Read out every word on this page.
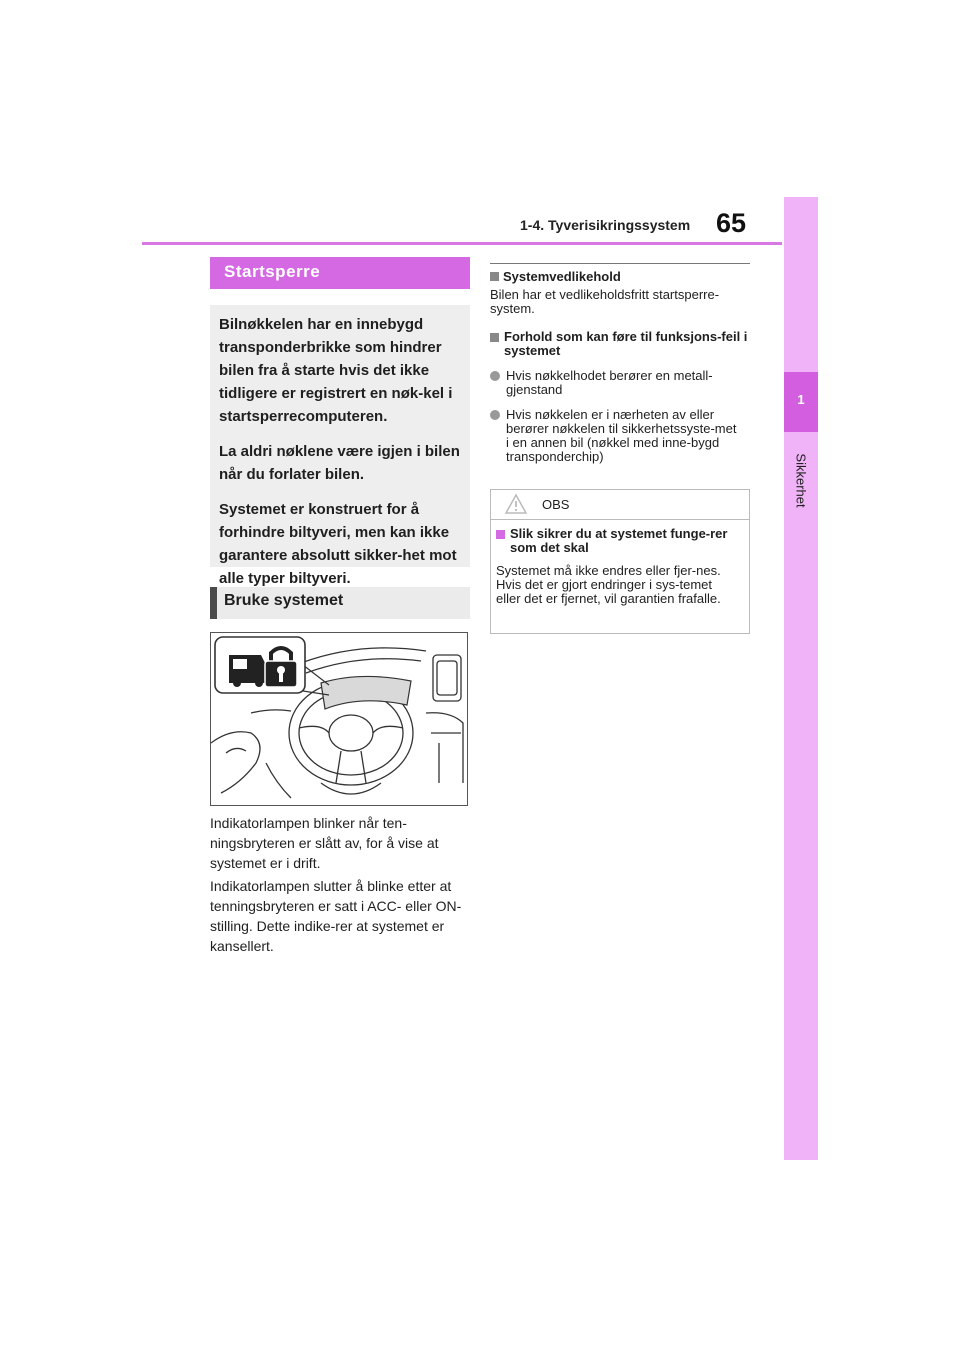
1-4. Tyverisikringssystem 65
1
Sikkerhet
Startsperre

Bilnøkkelen har en innebygd transponderbrikke som hindrer bilen fra å starte hvis det ikke tidligere er registrert en nøk-kel i startsperrecomputeren.

La aldri nøklene være igjen i bilen når du forlater bilen.

Systemet er konstruert for å forhindre biltyveri, men kan ikke garantere absolutt sikker-het mot alle typer biltyveri.

Bruke systemet

Indikatorlampen blinker når ten-ningsbryteren er slått av, for å vise at systemet er i drift.

Indikatorlampen slutter å blinke etter at tenningsbryteren er satt i ACC- eller ON-stilling. Dette indike-rer at systemet er kansellert.

Systemvedlikehold
Bilen har et vedlikeholdsfritt startsperre-system.
Forhold som kan føre til funksjons-feil i systemet
Hvis nøkkelhodet berører en metall-gjenstand
Hvis nøkkelen er i nærheten av eller berører nøkkelen til sikkerhetssyste-met i en annen bil (nøkkel med inne-bygd transponderchip)
OBS
Slik sikrer du at systemet funge-rer som det skal
Systemet må ikke endres eller fjer-nes. Hvis det er gjort endringer i sys-temet eller det er fjernet, vil garantien frafalle.
